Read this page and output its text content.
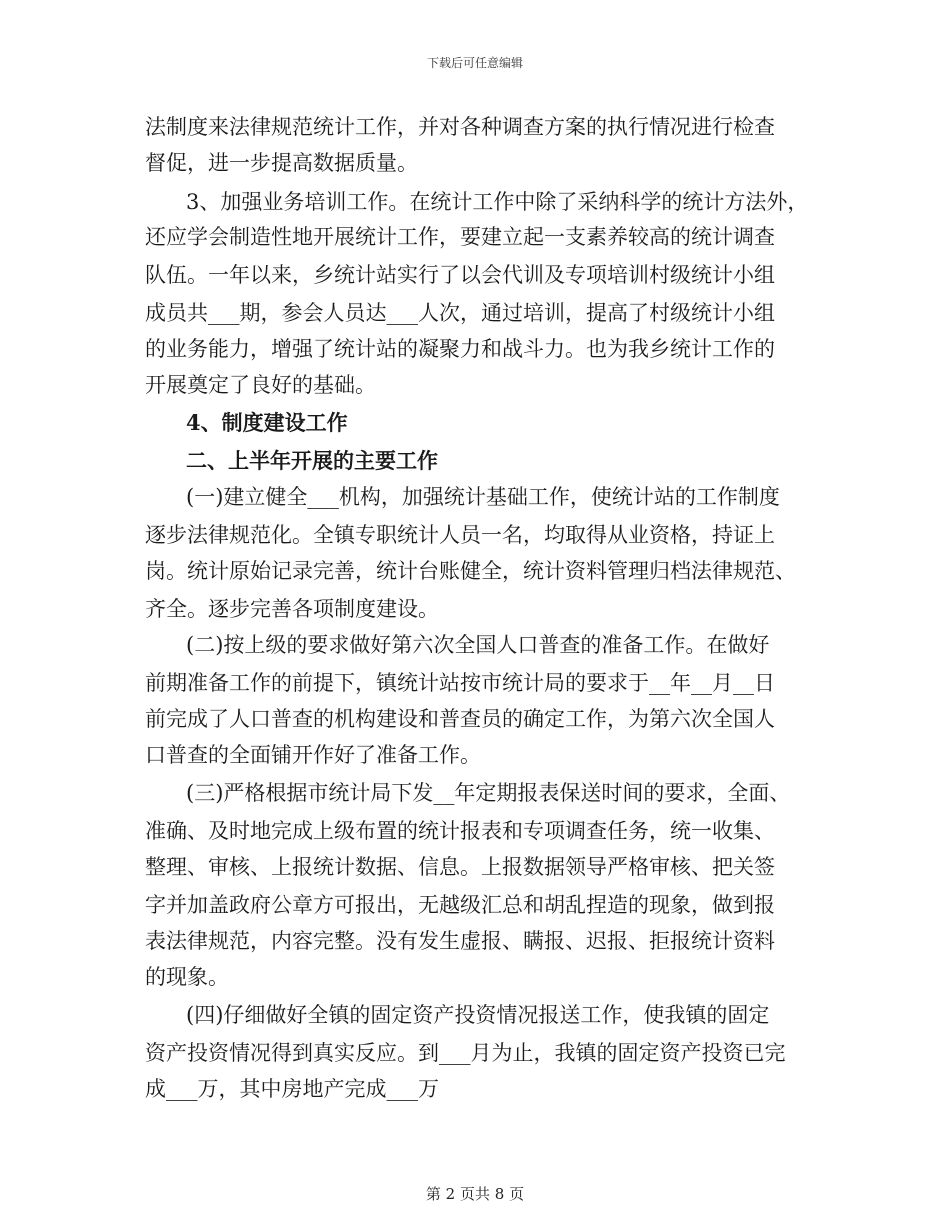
下载后可任意编辑
法制度来法律规范统计工作，并对各种调查方案的执行情况进行检查
督促，进一步提高数据质量。
3、加强业务培训工作。在统计工作中除了采纳科学的统计方法外，
还应学会制造性地开展统计工作，要建立起一支素养较高的统计调查
队伍。一年以来，乡统计站实行了以会代训及专项培训村级统计小组
成员共___期，参会人员达___人次，通过培训，提高了村级统计小组
的业务能力，增强了统计站的凝聚力和战斗力。也为我乡统计工作的
开展奠定了良好的基础。
4、制度建设工作
二、上半年开展的主要工作
(一)建立健全___机构，加强统计基础工作，使统计站的工作制度
逐步法律规范化。全镇专职统计人员一名，均取得从业资格，持证上
岗。统计原始记录完善，统计台账健全，统计资料管理归档法律规范、
齐全。逐步完善各项制度建设。
(二)按上级的要求做好第六次全国人口普查的准备工作。在做好
前期准备工作的前提下，镇统计站按市统计局的要求于__年__月__日
前完成了人口普查的机构建设和普查员的确定工作，为第六次全国人
口普查的全面铺开作好了准备工作。
(三)严格根据市统计局下发__年定期报表保送时间的要求，全面、
准确、及时地完成上级布置的统计报表和专项调查任务，统一收集、
整理、审核、上报统计数据、信息。上报数据领导严格审核、把关签
字并加盖政府公章方可报出，无越级汇总和胡乱捏造的现象，做到报
表法律规范，内容完整。没有发生虚报、瞒报、迟报、拒报统计资料
的现象。
(四)仔细做好全镇的固定资产投资情况报送工作，使我镇的固定
资产投资情况得到真实反应。到___月为止，我镇的固定资产投资已完
成___万，其中房地产完成___万
第 2 页共 8 页
